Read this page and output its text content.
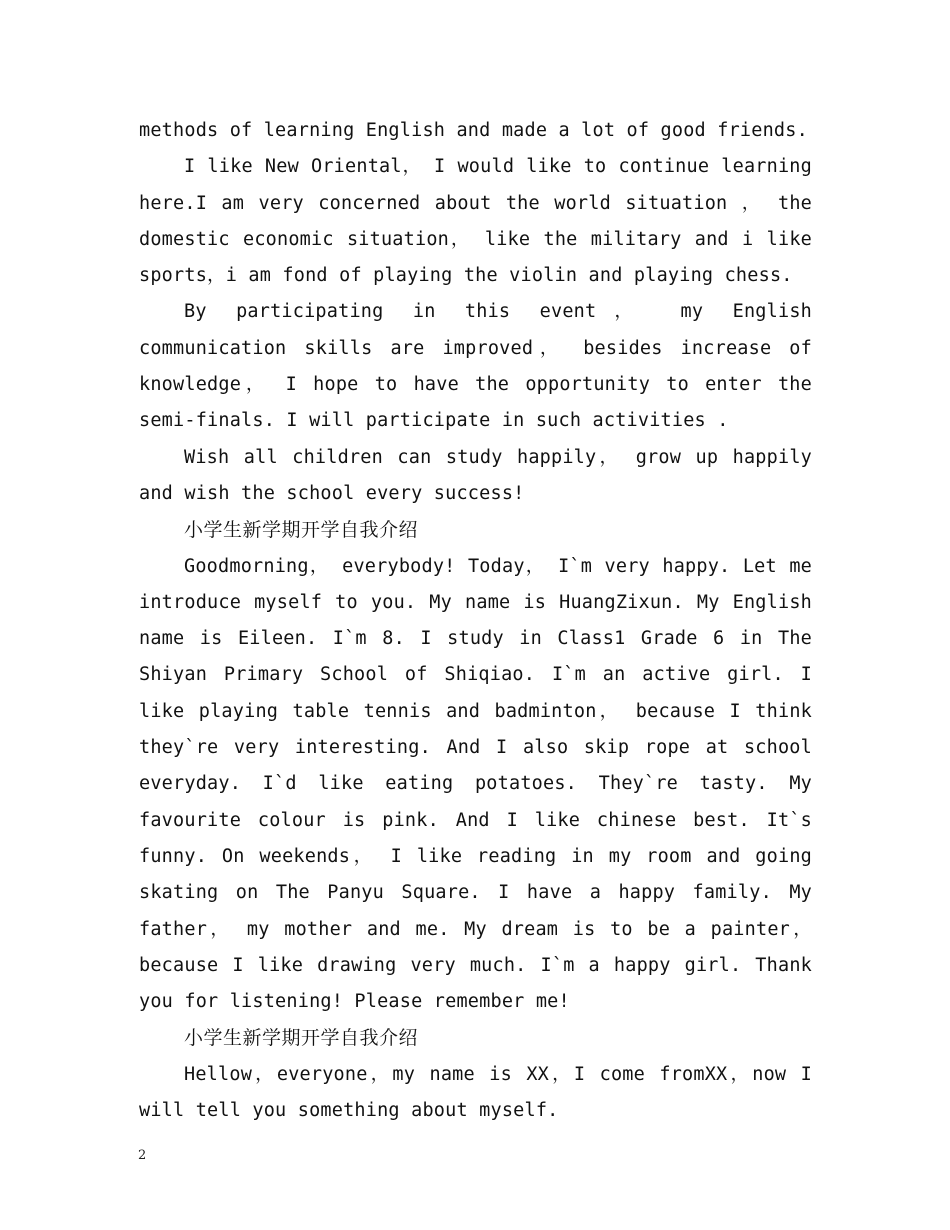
methods of learning English and made a lot of good friends.

I like New Oriental， I would like to continue learning here.I am very concerned about the world situation ， the domestic economic situation， like the military and i like sports，i am fond of playing the violin and playing chess.

By participating in this event， my English communication skills are improved， besides increase of knowledge， I hope to have the opportunity to enter the semi-finals. I will participate in such activities .

Wish all children can study happily， grow up happily and wish the school every success!

小学生新学期开学自我介绍

Goodmorning， everybody! Today， I`m very happy. Let me introduce myself to you. My name is HuangZixun. My English name is Eileen. I`m 8. I study in Class1 Grade 6 in The Shiyan Primary School of Shiqiao. I`m an active girl. I like playing table tennis and badminton， because I think they`re very interesting. And I also skip rope at school everyday. I`d like eating potatoes. They`re tasty. My favourite colour is pink. And I like chinese best. It`s funny. On weekends， I like reading in my room and going skating on The Panyu Square. I have a happy family. My father， my mother and me. My dream is to be a painter， because I like drawing very much. I`m a happy girl. Thank you for listening! Please remember me!

小学生新学期开学自我介绍

Hellow，everyone，my name is XX，I come fromXX，now I will tell you something about myself.

2
